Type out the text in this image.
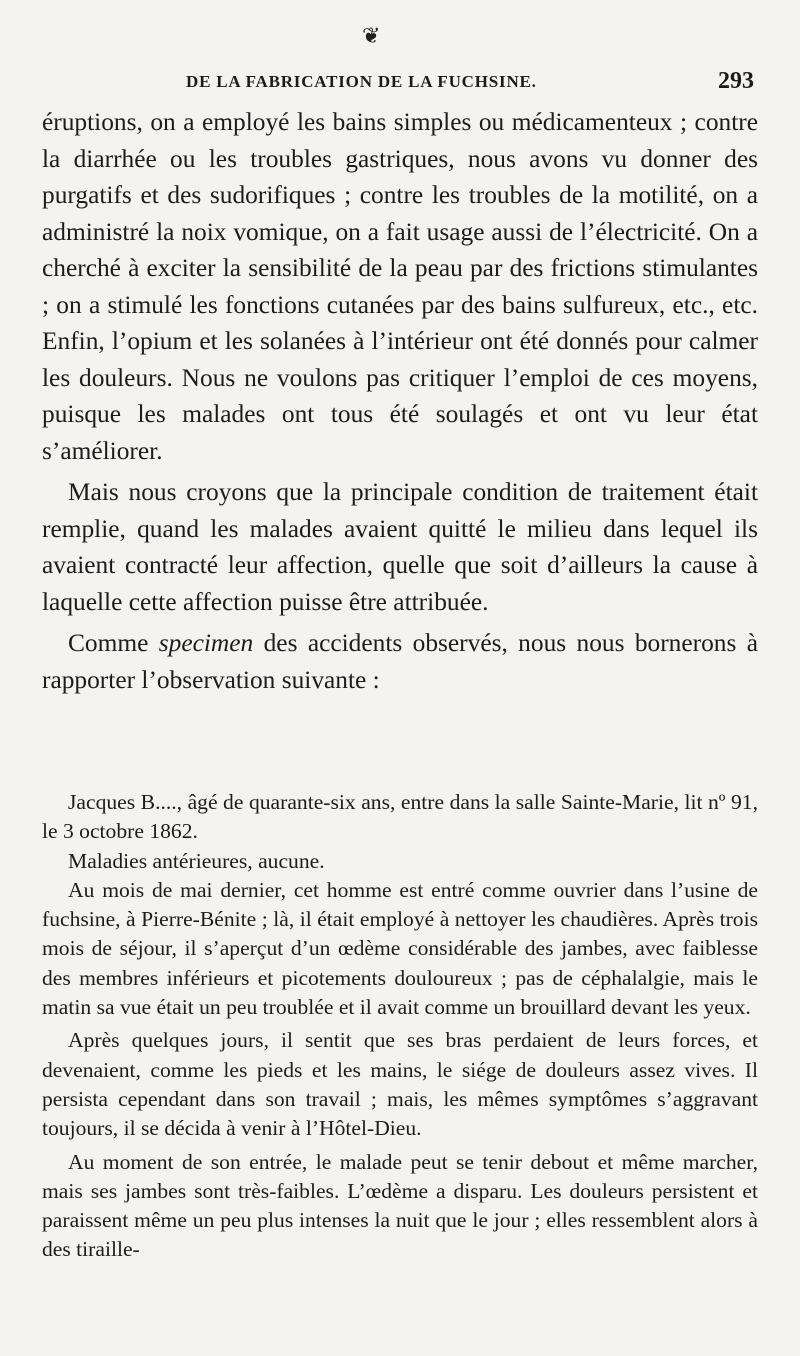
❦
DE LA FABRICATION DE LA FUCHSINE.	293

éruptions, on a employé les bains simples ou médicamenteux ; contre la diarrhée ou les troubles gastriques, nous avons vu donner des purgatifs et des sudorifiques ; contre les troubles de la motilité, on a administré la noix vomique, on a fait usage aussi de l’électricité. On a cherché à exciter la sensibilité de la peau par des frictions stimulantes ; on a stimulé les fonctions cutanées par des bains sulfureux, etc., etc. Enfin, l’opium et les solanées à l’intérieur ont été donnés pour calmer les douleurs. Nous ne voulons pas critiquer l’emploi de ces moyens, puisque les malades ont tous été soulagés et ont vu leur état s’améliorer.

Mais nous croyons que la principale condition de traitement était remplie, quand les malades avaient quitté le milieu dans lequel ils avaient contracté leur affection, quelle que soit d’ailleurs la cause à laquelle cette affection puisse être attribuée.

Comme specimen des accidents observés, nous nous bornerons à rapporter l’observation suivante :

Jacques B...., âgé de quarante-six ans, entre dans la salle Sainte-Marie, lit nº 91, le 3 octobre 1862.

Maladies antérieures, aucune.

Au mois de mai dernier, cet homme est entré comme ouvrier dans l’usine de fuchsine, à Pierre-Bénite ; là, il était employé à nettoyer les chaudières. Après trois mois de séjour, il s’aperçut d’un œdème considérable des jambes, avec faiblesse des membres inférieurs et picotements douloureux ; pas de céphalalgie, mais le matin sa vue était un peu troublée et il avait comme un brouillard devant les yeux.

Après quelques jours, il sentit que ses bras perdaient de leurs forces, et devenaient, comme les pieds et les mains, le siége de douleurs assez vives. Il persista cependant dans son travail ; mais, les mêmes symptômes s’aggravant toujours, il se décida à venir à l’Hôtel-Dieu.

Au moment de son entrée, le malade peut se tenir debout et même marcher, mais ses jambes sont très-faibles. L’œdème a disparu. Les douleurs persistent et paraissent même un peu plus intenses la nuit que le jour ; elles ressemblent alors à des tiraille-
